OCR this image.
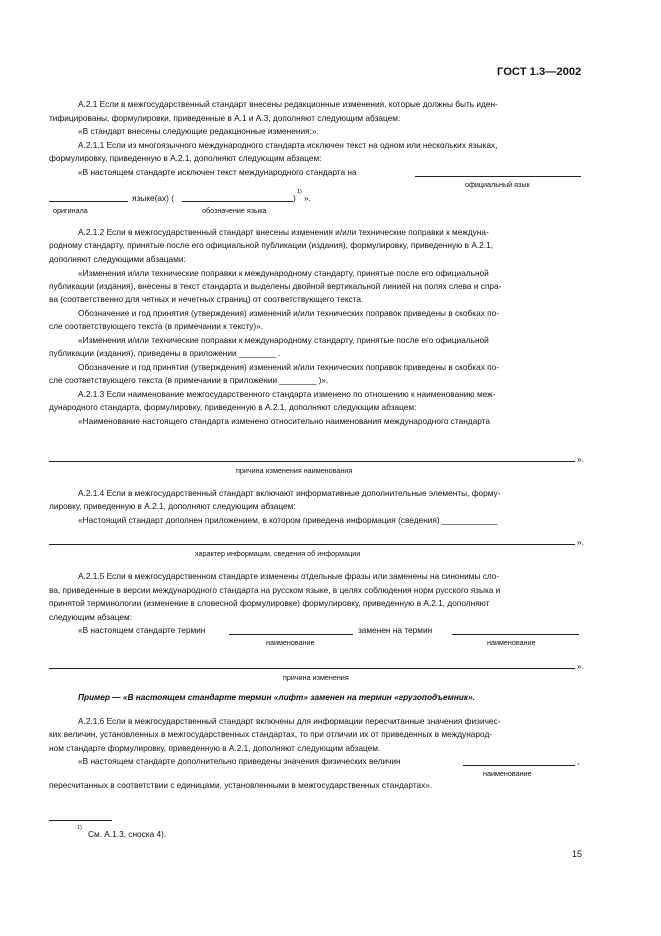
ГОСТ 1.3—2002
А.2.1 Если в межгосударственный стандарт внесены редакционные изменения, которые должны быть иден-
тифицированы, формулировки, приведенные в А.1 и А.3, дополняют следующим абзацем:
«В стандарт внесены следующие редакционные изменения:».
А.2.1.1 Если из многоязычного международного стандарта исключен текст на одном или нескольких языках,
формулировку, приведенную в А.2.1, дополняют следующим абзацем:
«В настоящем стандарте исключен текст международного стандарта на
официальный язык
языке(ах) (	)
1)
».
оригинала	обозначение языка
А.2.1.2 Если в межгосударственный стандарт внесены изменения и/или технические поправки к междуна-
родному стандарту, принятые после его официальной публикации (издания), формулировку, приведенную в А.2.1,
дополняют следующими абзацами:
«Изменения и/или технические поправки к международному стандарту, принятые после его официальной
публикации (издания), внесены в текст стандарта и выделены двойной вертикальной линией на полях слева и спра-
ва (соответственно для четных и нечетных страниц) от соответствующего текста.
Обозначение и год принятия (утверждения) изменений и/или технических поправок приведены в скобках по-
сле соответствующего текста (в примечании к тексту)».
«Изменения и/или технические поправки к международному стандарту, принятые после его официальной
публикации (издания), приведены в приложении ________ .
Обозначение и год принятия (утверждения) изменений и/или технических поправок приведены в скобках по-
сле соответствующего текста (в примечании в приложении ________ )».
А.2.1.3 Если наименование межгосударственного стандарта изменено по отношению к наименованию меж-
дународного стандарта, формулировку, приведенную в А.2.1, дополняют следующим абзацем:
«Наименование настоящего стандарта изменено относительно наименования международного стандарта
».
причина изменения наименования
А.2.1.4 Если в межгосударственный стандарт включают информативные дополнительные элементы, форму-
лировку, приведенную в А.2.1, дополняют следующим абзацем:
«Настоящий стандарт дополнен приложением, в котором приведена информация (сведения) ____________
».
характер информации, сведения об информации
А.2.1.5 Если в межгосударственном стандарте изменены отдельные фразы или заменены на синонимы сло-
ва, приведенные в версии международного стандарта на русском языке, в целях соблюдения норм русского языка и
принятой терминологии (изменение в словесной формулировке) формулировку, приведенную в А.2.1, дополняют
следующим абзацем:
«В настоящем стандарте термин	заменен на термин
наименование	наименование
».
причина изменения
Пример — «В настоящем стандарте термин «лифт» заменен на термин «грузоподъемник».
А.2.1.6 Если в межгосударственный стандарт включены для информации пересчитанные значения физичес-
ких величин, установленных в межгосударственных стандартах, то при отличии их от приведенных в международ-
ном стандарте формулировку, приведенную в А.2.1, дополняют следующим абзацем.
«В настоящем стандарте дополнительно приведены значения физических величин	,
наименование
пересчитанных в соответствии с единицами, установленными в межгосударственных стандартах».
1)
См. А.1.3, сноска 4).
15
